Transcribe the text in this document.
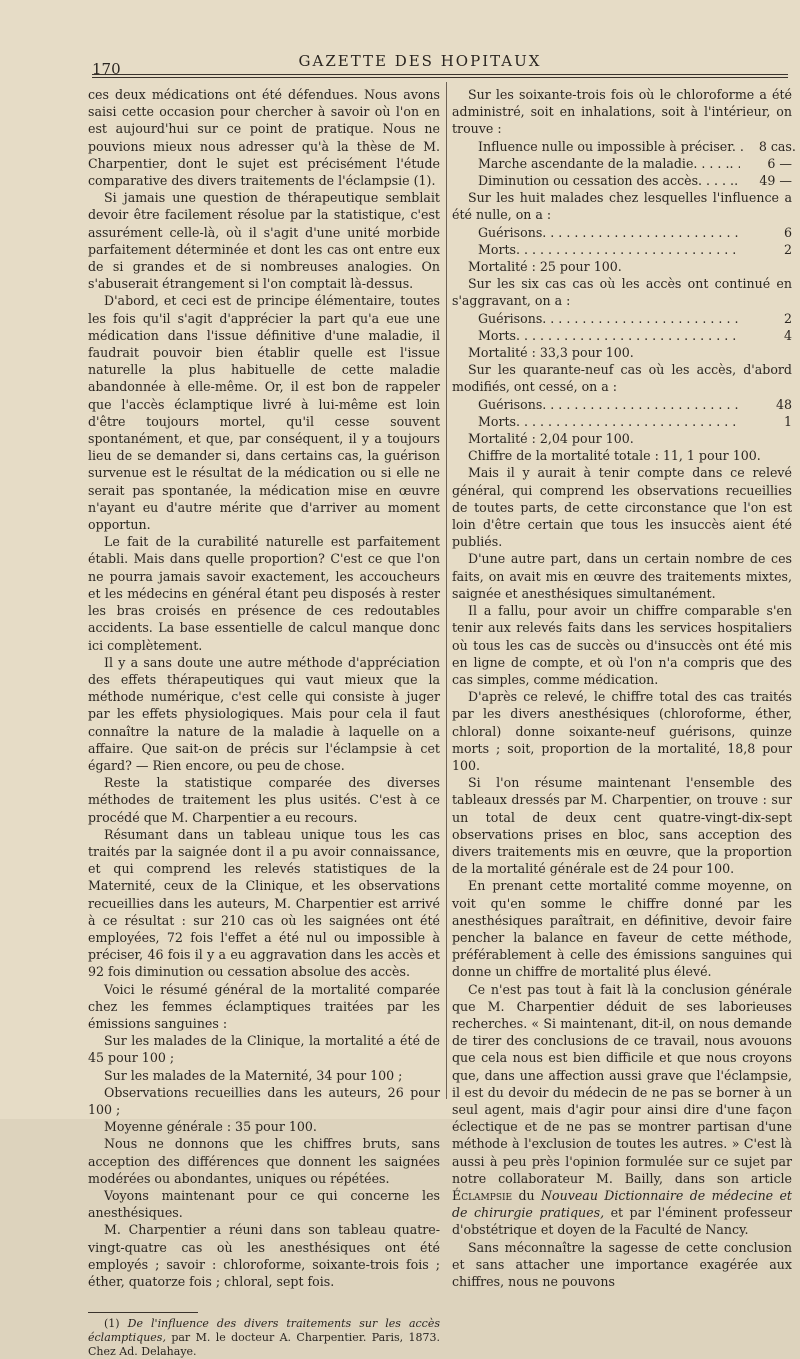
170	GAZETTE DES HOPITAUX

ces deux médications ont été défendues. Nous avons saisi cette occasion pour chercher à savoir où l'on en est aujourd'hui sur ce point de pratique. Nous ne pouvions mieux nous adresser qu'à la thèse de M. Charpentier, dont le sujet est précisément l'étude comparative des divers traitements de l'éclampsie (1).

Si jamais une question de thérapeutique semblait devoir être facilement résolue par la statistique, c'est assurément celle-là, où il s'agit d'une unité morbide parfaitement déterminée et dont les cas ont entre eux de si grandes et de si nombreuses analogies. On s'abuserait étrangement si l'on comptait là-dessus.

D'abord, et ceci est de principe élémentaire, toutes les fois qu'il s'agit d'apprécier la part qu'a eue une médication dans l'issue définitive d'une maladie, il faudrait pouvoir bien établir quelle est l'issue naturelle la plus habituelle de cette maladie abandonnée à elle-même. Or, il est bon de rappeler que l'accès éclamptique livré à lui-même est loin d'être toujours mortel, qu'il cesse souvent spontanément, et que, par conséquent, il y a toujours lieu de se demander si, dans certains cas, la guérison survenue est le résultat de la médication ou si elle ne serait pas spontanée, la médication mise en œuvre n'ayant eu d'autre mérite que d'arriver au moment opportun.

Le fait de la curabilité naturelle est parfaitement établi. Mais dans quelle proportion? C'est ce que l'on ne pourra jamais savoir exactement, les accoucheurs et les médecins en général étant peu disposés à rester les bras croisés en présence de ces redoutables accidents. La base essentielle de calcul manque donc ici complètement.

Il y a sans doute une autre méthode d'appréciation des effets thérapeutiques qui vaut mieux que la méthode numérique, c'est celle qui consiste à juger par les effets physiologiques. Mais pour cela il faut connaître la nature de la maladie à laquelle on a affaire. Que sait-on de précis sur l'éclampsie à cet égard? — Rien encore, ou peu de chose.

Reste la statistique comparée des diverses méthodes de traitement les plus usités. C'est à ce procédé que M. Charpentier a eu recours.

Résumant dans un tableau unique tous les cas traités par la saignée dont il a pu avoir connaissance, et qui comprend les relevés statistiques de la Maternité, ceux de la Clinique, et les observations recueillies dans les auteurs, M. Charpentier est arrivé à ce résultat : sur 210 cas où les saignées ont été employées, 72 fois l'effet a été nul ou impossible à préciser, 46 fois il y a eu aggravation dans les accès et 92 fois diminution ou cessation absolue des accès.

Voici le résumé général de la mortalité comparée chez les femmes éclamptiques traitées par les émissions sanguines :

Sur les malades de la Clinique, la mortalité a été de 45 pour 100 ;

Sur les malades de la Maternité, 34 pour 100 ;

Observations recueillies dans les auteurs, 26 pour 100 ;

Moyenne générale : 35 pour 100.

Nous ne donnons que les chiffres bruts, sans acception des différences que donnent les saignées modérées ou abondantes, uniques ou répétées.

Voyons maintenant pour ce qui concerne les anesthésiques.

M. Charpentier a réuni dans son tableau quatre-vingt-quatre cas où les anesthésiques ont été employés ; savoir : chloroforme, soixante-trois fois ; éther, quatorze fois ; chloral, sept fois.

(1) De l'influence des divers traitements sur les accès éclamptiques, par M. le docteur A. Charpentier. Paris, 1873. Chez Ad. Delahaye.

Sur les soixante-trois fois où le chloroforme a été administré, soit en inhalations, soit à l'intérieur, on trouve :

Influence nulle ou impossible à préciser. .	8 cas.
Marche ascendante de la maladie. . . . . . . .	6 —
Diminution ou cessation des accès. . . . . . . .	49 —

Sur les huit malades chez lesquelles l'influence a été nulle, on a :

Guérisons . . .	6
Morts . . .	2

Mortalité : 25 pour 100.

Sur les six cas cas où les accès ont continué en s'aggravant, on a :

Guérisons . . .	2
Morts . . .	4

Mortalité : 33,3 pour 100.

Sur les quarante-neuf cas où les accès, d'abord modifiés, ont cessé, on a :

Guérisons . . .	48
Morts . . .	1

Mortalité : 2,04 pour 100.

Chiffre de la mortalité totale : 11, 1 pour 100.

Mais il y aurait à tenir compte dans ce relevé général, qui comprend les observations recueillies de toutes parts, de cette circonstance que l'on est loin d'être certain que tous les insuccès aient été publiés.

D'une autre part, dans un certain nombre de ces faits, on avait mis en œuvre des traitements mixtes, saignée et anesthésiques simultanément.

Il a fallu, pour avoir un chiffre comparable s'en tenir aux relevés faits dans les services hospitaliers où tous les cas de succès ou d'insuccès ont été mis en ligne de compte, et où l'on n'a compris que des cas simples, comme médication.

D'après ce relevé, le chiffre total des cas traités par les divers anesthésiques (chloroforme, éther, chloral) donne soixante-neuf guérisons, quinze morts ; soit, proportion de la mortalité, 18,8 pour 100.

Si l'on résume maintenant l'ensemble des tableaux dressés par M. Charpentier, on trouve : sur un total de deux cent quatre-vingt-dix-sept observations prises en bloc, sans acception des divers traitements mis en œuvre, que la proportion de la mortalité générale est de 24 pour 100.

En prenant cette mortalité comme moyenne, on voit qu'en somme le chiffre donné par les anesthésiques paraîtrait, en définitive, devoir faire pencher la balance en faveur de cette méthode, préférablement à celle des émissions sanguines qui donne un chiffre de mortalité plus élevé.

Ce n'est pas tout à fait là la conclusion générale que M. Charpentier déduit de ses laborieuses recherches. « Si maintenant, dit-il, on nous demande de tirer des conclusions de ce travail, nous avouons que cela nous est bien difficile et que nous croyons que, dans une affection aussi grave que l'éclampsie, il est du devoir du médecin de ne pas se borner à un seul agent, mais d'agir pour ainsi dire d'une façon éclectique et de ne pas se montrer partisan d'une méthode à l'exclusion de toutes les autres. » C'est là aussi à peu près l'opinion formulée sur ce sujet par notre collaborateur M. Bailly, dans son article Éclampsie du Nouveau Dictionnaire de médecine et de chirurgie pratiques, et par l'éminent professeur d'obstétrique et doyen de la Faculté de Nancy.

Sans méconnaître la sagesse de cette conclusion et sans attacher une importance exagérée aux chiffres, nous ne pouvons
